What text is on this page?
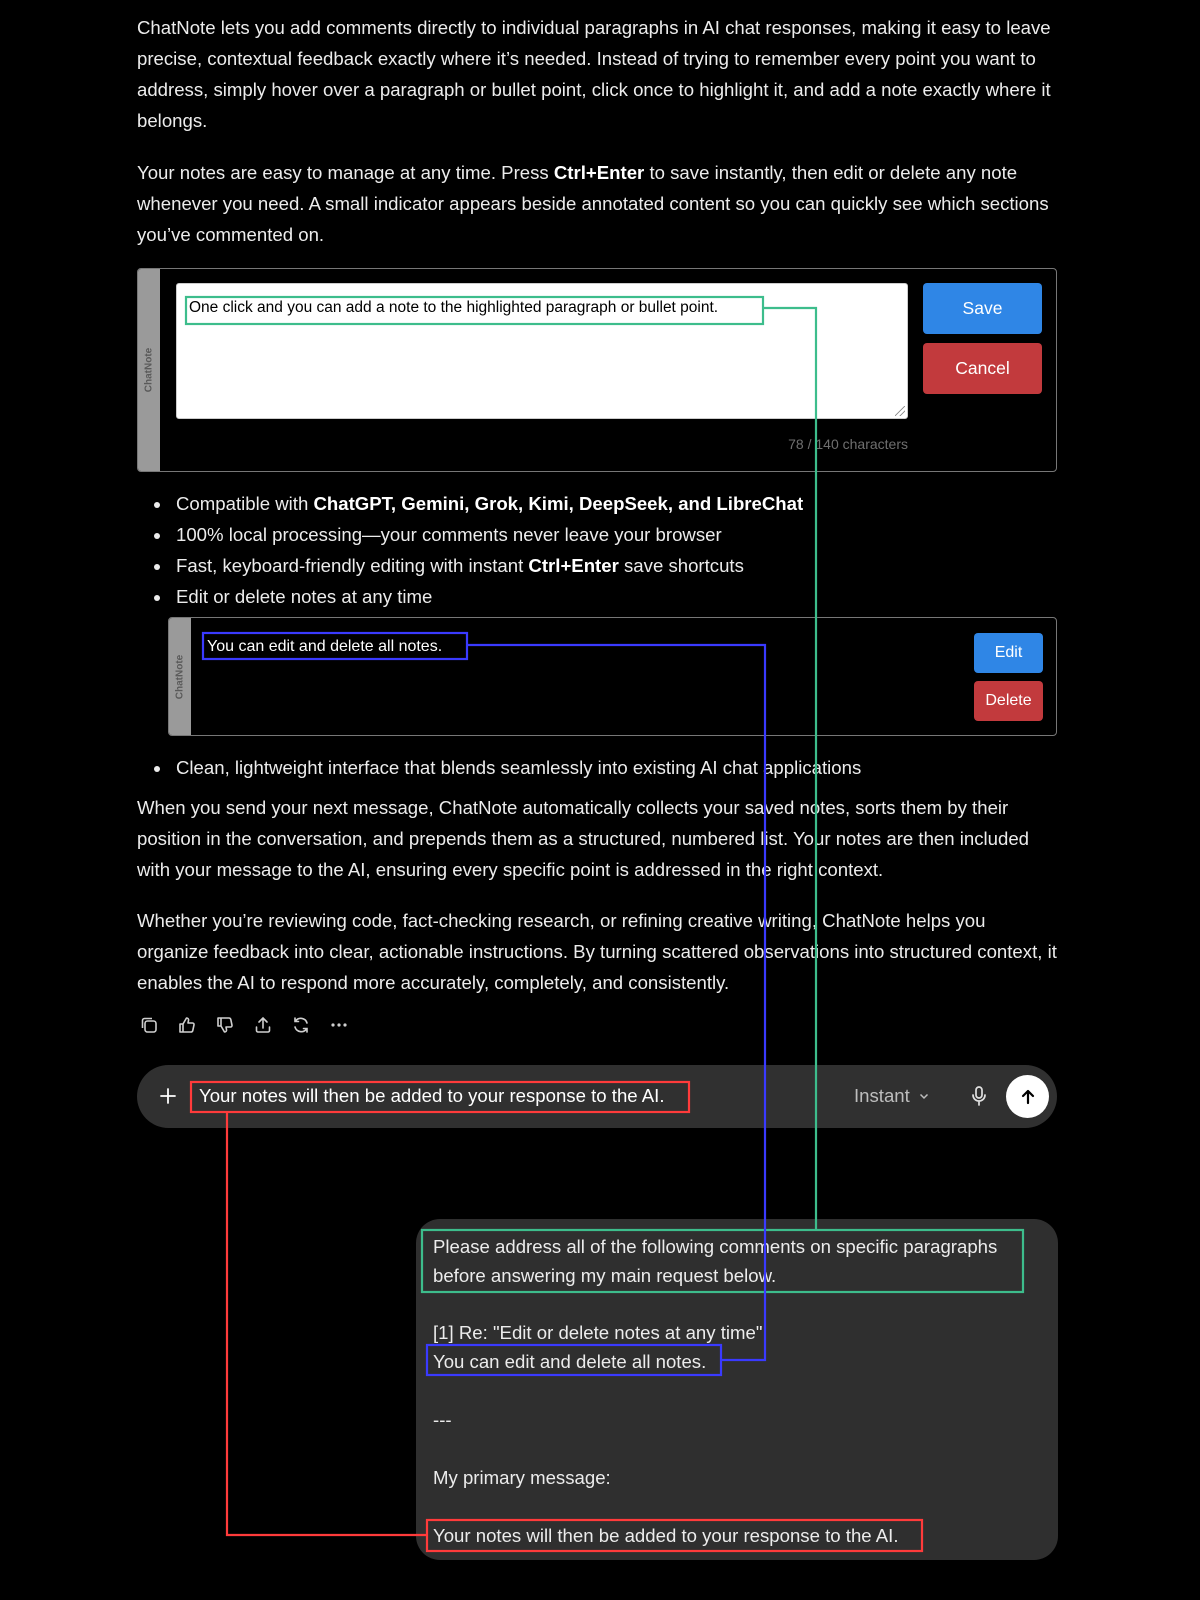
ChatNote lets you add comments directly to individual paragraphs in AI chat responses, making it easy to leave precise, contextual feedback exactly where it’s needed. Instead of trying to remember every point you want to address, simply hover over a paragraph or bullet point, click once to highlight it, and add a note exactly where it belongs.

Your notes are easy to manage at any time. Press Ctrl+Enter to save instantly, then edit or delete any note whenever you need. A small indicator appears beside annotated content so you can quickly see which sections you’ve commented on.

ChatNote
One click and you can add a note to the highlighted paragraph or bullet point.	Save
Cancel
78 / 140 characters
Compatible with ChatGPT, Gemini, Grok, Kimi, DeepSeek, and LibreChat
100% local processing—your comments never leave your browser
Fast, keyboard-friendly editing with instant Ctrl+Enter save shortcuts
Edit or delete notes at any time
Clean, lightweight interface that blends seamlessly into existing AI chat applications
ChatNote
You can edit and delete all notes.	Edit
Delete

When you send your next message, ChatNote automatically collects your saved notes, sorts them by their position in the conversation, and prepends them as a structured, numbered list. Your notes are then included with your message to the AI, ensuring every specific point is addressed in the right context.

Whether you’re reviewing code, fact-checking research, or refining creative writing, ChatNote helps you organize feedback into clear, actionable instructions. By turning scattered observations into structured context, it enables the AI to respond more accurately, completely, and consistently.

Your notes will then be added to your response to the AI.	Instant
Please address all of the following comments on specific paragraphs
before answering my main request below.
[1] Re: "Edit or delete notes at any time":
You can edit and delete all notes.
---
My primary message:
Your notes will then be added to your response to the AI.
